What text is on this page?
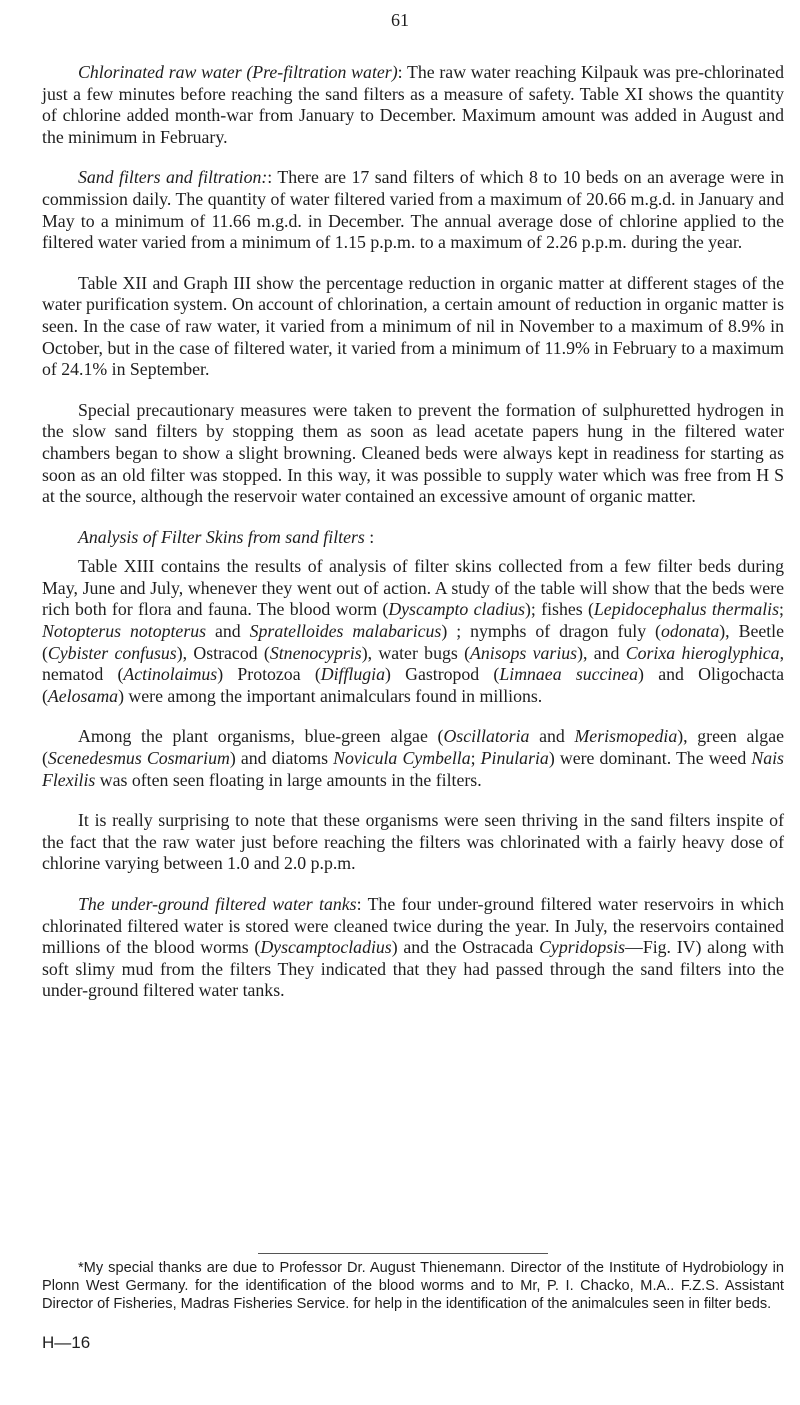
61

Chlorinated raw water (Pre-filtration water): The raw water reaching Kilpauk was pre-chlorinated just a few minutes before reaching the sand filters as a measure of safety. Table XI shows the quantity of chlorine added month-war from January to December. Maximum amount was added in August and the minimum in February.

Sand filters and filtration:: There are 17 sand filters of which 8 to 10 beds on an average were in commission daily. The quantity of water filtered varied from a maximum of 20.66 m.g.d. in January and May to a minimum of 11.66 m.g.d. in December. The annual average dose of chlorine applied to the filtered water varied from a minimum of 1.15 p.p.m. to a maximum of 2.26 p.p.m. during the year.

Table XII and Graph III show the percentage reduction in organic matter at different stages of the water purification system. On account of chlorination, a certain amount of reduction in organic matter is seen. In the case of raw water, it varied from a minimum of nil in November to a maximum of 8.9% in October, but in the case of filtered water, it varied from a minimum of 11.9% in February to a maximum of 24.1% in September.

Special precautionary measures were taken to prevent the formation of sulphuretted hydrogen in the slow sand filters by stopping them as soon as lead acetate papers hung in the filtered water chambers began to show a slight browning. Cleaned beds were always kept in readiness for starting as soon as an old filter was stopped. In this way, it was possible to supply water which was free from H S at the source, although the reservoir water contained an excessive amount of organic matter.

Analysis of Filter Skins from sand filters :

Table XIII contains the results of analysis of filter skins collected from a few filter beds during May, June and July, whenever they went out of action. A study of the table will show that the beds were rich both for flora and fauna. The blood worm (Dyscampto cladius); fishes (Lepidocephalus thermalis; Notopterus notopterus and Spratelloides malabaricus) ; nymphs of dragon fuly (odonata), Beetle (Cybister confusus), Ostracod (Stnenocypris), water bugs (Anisops varius), and Corixa hieroglyphica, nematod (Actinolaimus) Protozoa (Difflugia) Gastropod (Limnaea succinea) and Oligochacta (Aelosama) were among the important animalculars found in millions.

Among the plant organisms, blue-green algae (Oscillatoria and Merismopedia), green algae (Scenedesmus Cosmarium) and diatoms Novicula Cymbella; Pinularia) were dominant. The weed Nais Flexilis was often seen floating in large amounts in the filters.

It is really surprising to note that these organisms were seen thriving in the sand filters inspite of the fact that the raw water just before reaching the filters was chlorinated with a fairly heavy dose of chlorine varying between 1.0 and 2.0 p.p.m.

The under-ground filtered water tanks: The four under-ground filtered water reservoirs in which chlorinated filtered water is stored were cleaned twice during the year. In July, the reservoirs contained millions of the blood worms (Dyscamptocladius) and the Ostracada Cypridopsis—Fig. IV) along with soft slimy mud from the filters They indicated that they had passed through the sand filters into the under-ground filtered water tanks.

*My special thanks are due to Professor Dr. August Thienemann. Director of the Institute of Hydrobiology in Plonn West Germany. for the identification of the blood worms and to Mr, P. I. Chacko, M.A.. F.Z.S. Assistant Director of Fisheries, Madras Fisheries Service. for help in the identification of the animalcules seen in filter beds.

H—16
